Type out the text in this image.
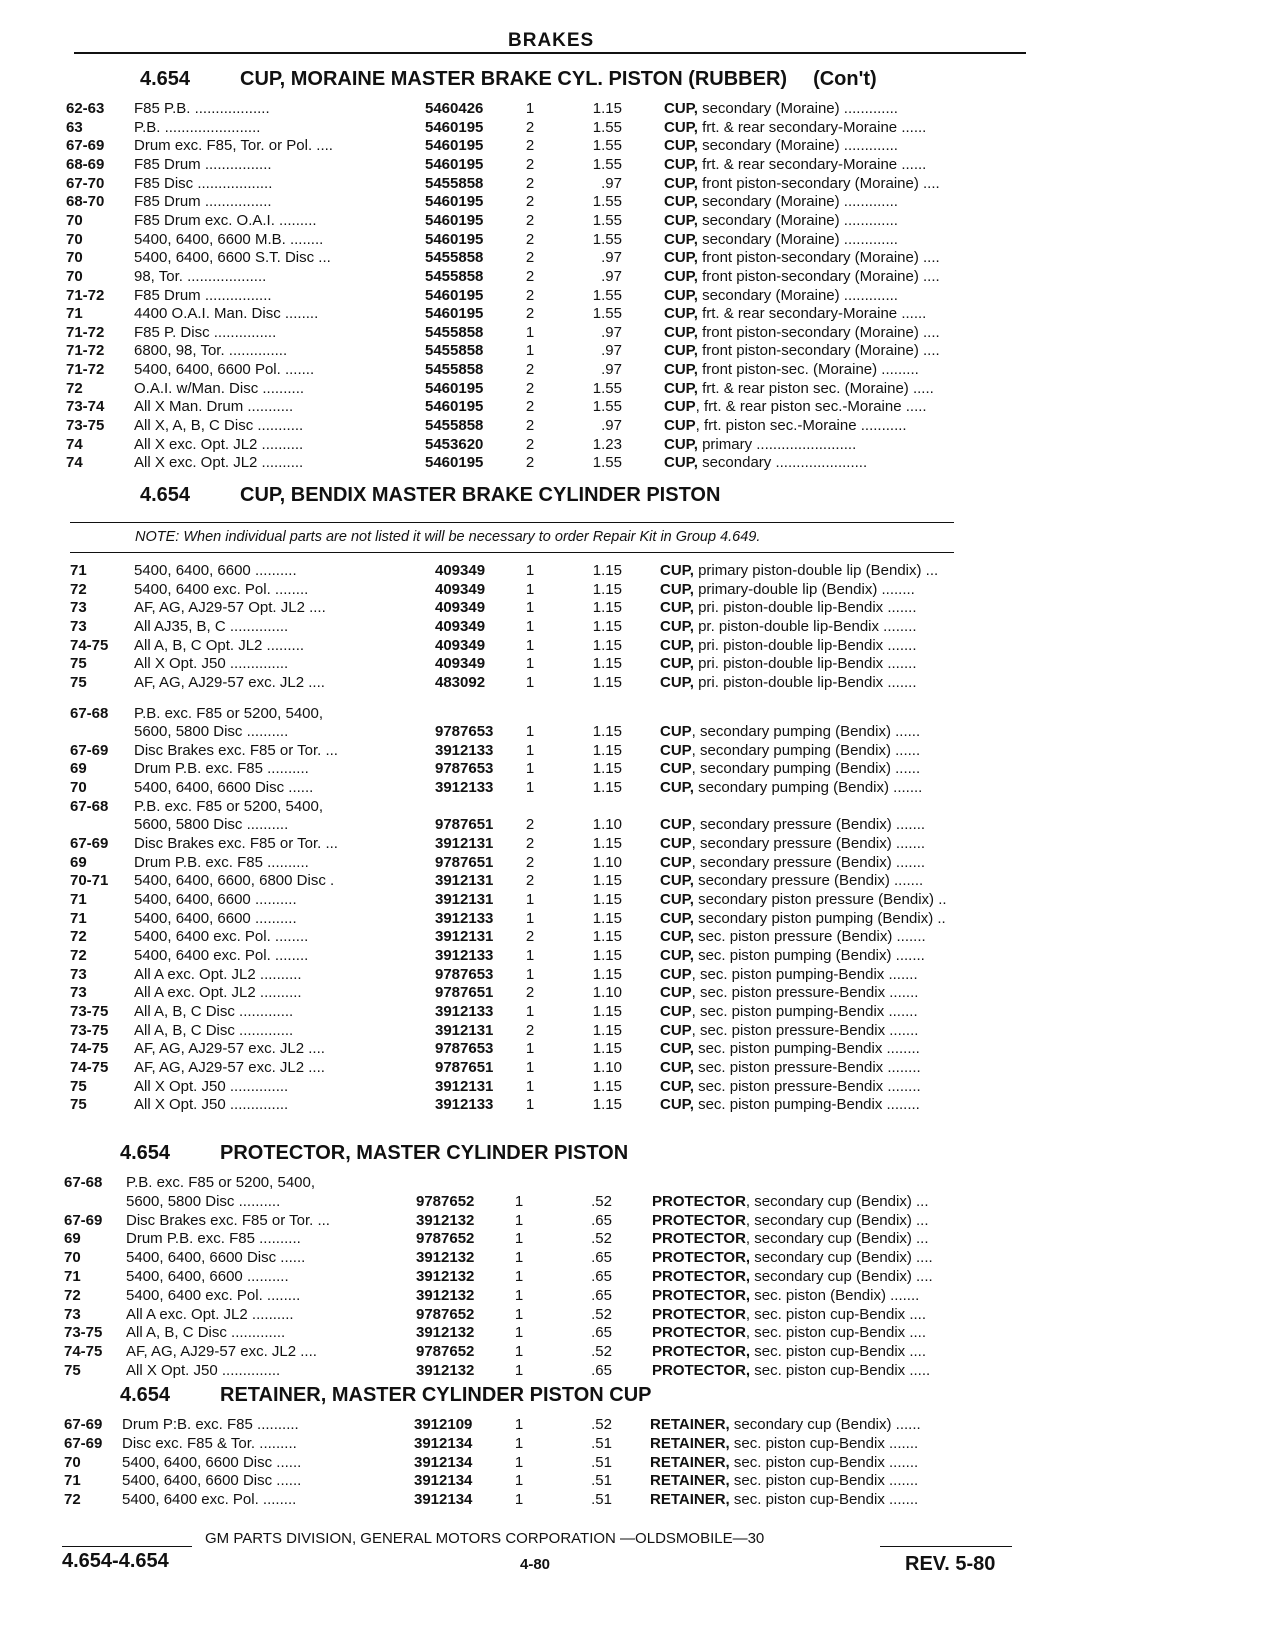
BRAKES
4.654 CUP, MORAINE MASTER BRAKE CYL. PISTON (RUBBER) (Con't)
62-63	F85 P.B. ..................	5460426	1	1.15	CUP, secondary (Moraine) .............
63	P.B. .......................	5460195	2	1.55	CUP, frt. & rear secondary-Moraine ......
67-69	Drum exc. F85, Tor. or Pol. ....	5460195	2	1.55	CUP, secondary (Moraine) .............
68-69	F85 Drum ................	5460195	2	1.55	CUP, frt. & rear secondary-Moraine ......
67-70	F85 Disc ..................	5455858	2	.97	CUP, front piston-secondary (Moraine) ....
68-70	F85 Drum ................	5460195	2	1.55	CUP, secondary (Moraine) .............
70	F85 Drum exc. O.A.I. .........	5460195	2	1.55	CUP, secondary (Moraine) .............
70	5400, 6400, 6600 M.B. ........	5460195	2	1.55	CUP, secondary (Moraine) .............
70	5400, 6400, 6600 S.T. Disc ...	5455858	2	.97	CUP, front piston-secondary (Moraine) ....
70	98, Tor. ...................	5455858	2	.97	CUP, front piston-secondary (Moraine) ....
71-72	F85 Drum ................	5460195	2	1.55	CUP, secondary (Moraine) .............
71	4400 O.A.I. Man. Disc ........	5460195	2	1.55	CUP, frt. & rear secondary-Moraine ......
71-72	F85 P. Disc ...............	5455858	1	.97	CUP, front piston-secondary (Moraine) ....
71-72	6800, 98, Tor. ..............	5455858	1	.97	CUP, front piston-secondary (Moraine) ....
71-72	5400, 6400, 6600 Pol. .......	5455858	2	.97	CUP, front piston-sec. (Moraine) .........
72	O.A.I. w/Man. Disc ..........	5460195	2	1.55	CUP, frt. & rear piston sec. (Moraine) .....
73-74	All X Man. Drum ...........	5460195	2	1.55	CUP, frt. & rear piston sec.-Moraine .....
73-75	All X, A, B, C Disc ...........	5455858	2	.97	CUP, frt. piston sec.-Moraine ...........
74	All X exc. Opt. JL2 ..........	5453620	2	1.23	CUP, primary ........................
74	All X exc. Opt. JL2 ..........	5460195	2	1.55	CUP, secondary ......................
4.654 CUP, BENDIX MASTER BRAKE CYLINDER PISTON
NOTE: When individual parts are not listed it will be necessary to order Repair Kit in Group 4.649.
71	5400, 6400, 6600 ..........	409349	1	1.15	CUP, primary piston-double lip (Bendix) ...
72	5400, 6400 exc. Pol. ........	409349	1	1.15	CUP, primary-double lip (Bendix) ........
73	AF, AG, AJ29-57 Opt. JL2 ....	409349	1	1.15	CUP, pri. piston-double lip-Bendix .......
73	All AJ35, B, C ..............	409349	1	1.15	CUP, pr. piston-double lip-Bendix ........
74-75	All A, B, C Opt. JL2 .........	409349	1	1.15	CUP, pri. piston-double lip-Bendix .......
75	All X Opt. J50 ..............	409349	1	1.15	CUP, pri. piston-double lip-Bendix .......
75	AF, AG, AJ29-57 exc. JL2 ....	483092	1	1.15	CUP, pri. piston-double lip-Bendix .......
67-68	P.B. exc. F85 or 5200, 5400,
5600, 5800 Disc ..........	9787653	1	1.15	CUP, secondary pumping (Bendix) ......
67-69	Disc Brakes exc. F85 or Tor. ...	3912133	1	1.15	CUP, secondary pumping (Bendix) ......
69	Drum P.B. exc. F85 ..........	9787653	1	1.15	CUP, secondary pumping (Bendix) ......
70	5400, 6400, 6600 Disc ......	3912133	1	1.15	CUP, secondary pumping (Bendix) .......
67-68	P.B. exc. F85 or 5200, 5400,
5600, 5800 Disc ..........	9787651	2	1.10	CUP, secondary pressure (Bendix) .......
67-69	Disc Brakes exc. F85 or Tor. ...	3912131	2	1.15	CUP, secondary pressure (Bendix) .......
69	Drum P.B. exc. F85 ..........	9787651	2	1.10	CUP, secondary pressure (Bendix) .......
70-71	5400, 6400, 6600, 6800 Disc .	3912131	2	1.15	CUP, secondary pressure (Bendix) .......
71	5400, 6400, 6600 ..........	3912131	1	1.15	CUP, secondary piston pressure (Bendix) ..
71	5400, 6400, 6600 ..........	3912133	1	1.15	CUP, secondary piston pumping (Bendix) ..
72	5400, 6400 exc. Pol. ........	3912131	2	1.15	CUP, sec. piston pressure (Bendix) .......
72	5400, 6400 exc. Pol. ........	3912133	1	1.15	CUP, sec. piston pumping (Bendix) .......
73	All A exc. Opt. JL2 ..........	9787653	1	1.15	CUP, sec. piston pumping-Bendix .......
73	All A exc. Opt. JL2 ..........	9787651	2	1.10	CUP, sec. piston pressure-Bendix .......
73-75	All A, B, C Disc .............	3912133	1	1.15	CUP, sec. piston pumping-Bendix .......
73-75	All A, B, C Disc .............	3912131	2	1.15	CUP, sec. piston pressure-Bendix .......
74-75	AF, AG, AJ29-57 exc. JL2 ....	9787653	1	1.15	CUP, sec. piston pumping-Bendix ........
74-75	AF, AG, AJ29-57 exc. JL2 ....	9787651	1	1.10	CUP, sec. piston pressure-Bendix ........
75	All X Opt. J50 ..............	3912131	1	1.15	CUP, sec. piston pressure-Bendix ........
75	All X Opt. J50 ..............	3912133	1	1.15	CUP, sec. piston pumping-Bendix ........
4.654 PROTECTOR, MASTER CYLINDER PISTON
67-68	P.B. exc. F85 or 5200, 5400,
5600, 5800 Disc ..........	9787652	1	.52	PROTECTOR, secondary cup (Bendix) ...
67-69	Disc Brakes exc. F85 or Tor. ...	3912132	1	.65	PROTECTOR, secondary cup (Bendix) ...
69	Drum P.B. exc. F85 ..........	9787652	1	.52	PROTECTOR, secondary cup (Bendix) ...
70	5400, 6400, 6600 Disc ......	3912132	1	.65	PROTECTOR, secondary cup (Bendix) ....
71	5400, 6400, 6600 ..........	3912132	1	.65	PROTECTOR, secondary cup (Bendix) ....
72	5400, 6400 exc. Pol. ........	3912132	1	.65	PROTECTOR, sec. piston (Bendix) .......
73	All A exc. Opt. JL2 ..........	9787652	1	.52	PROTECTOR, sec. piston cup-Bendix ....
73-75	All A, B, C Disc .............	3912132	1	.65	PROTECTOR, sec. piston cup-Bendix ....
74-75	AF, AG, AJ29-57 exc. JL2 ....	9787652	1	.52	PROTECTOR, sec. piston cup-Bendix ....
75	All X Opt. J50 ..............	3912132	1	.65	PROTECTOR, sec. piston cup-Bendix .....
4.654 RETAINER, MASTER CYLINDER PISTON CUP
67-69	Drum P:B. exc. F85 ..........	3912109	1	.52	RETAINER, secondary cup (Bendix) ......
67-69	Disc exc. F85 & Tor. .........	3912134	1	.51	RETAINER, sec. piston cup-Bendix .......
70	5400, 6400, 6600 Disc ......	3912134	1	.51	RETAINER, sec. piston cup-Bendix .......
71	5400, 6400, 6600 Disc ......	3912134	1	.51	RETAINER, sec. piston cup-Bendix .......
72	5400, 6400 exc. Pol. ........	3912134	1	.51	RETAINER, sec. piston cup-Bendix .......
GM PARTS DIVISION, GENERAL MOTORS CORPORATION —OLDSMOBILE—30
4.654-4.654	4-80	REV. 5-80
